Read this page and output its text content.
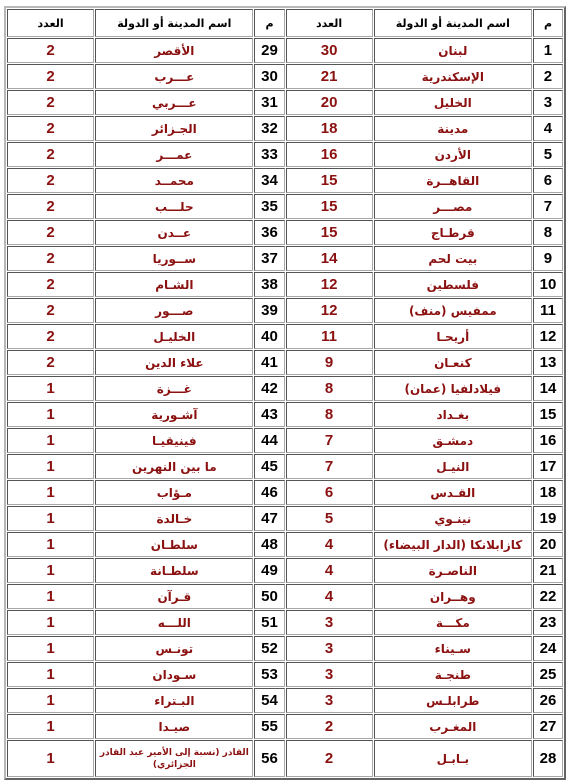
م	اسم المدينة أو الدولة	العدد	م	اسم المدينة أو الدولة	العدد
1	لبنان	30	29	الأقصر	2
2	الإسكندرية	21	30	عـــرب	2
3	الخليل	20	31	عـــربي	2
4	مدينة	18	32	الجـزائر	2
5	الأردن	16	33	عمـــر	2
6	القاهــرة	15	34	محمــد	2
7	مصـــر	15	35	حلـــب	2
8	قرطـاج	15	36	عــدن	2
9	بيت لحم	14	37	ســوريا	2
10	فلسطين	12	38	الشـام	2
11	ممفيس (منف)	12	39	صـــور	2
12	أريحـا	11	40	الخليـل	2
13	كنعـان	9	41	علاء الدين	2
14	فيلادلفيا (عمان)	8	42	غـــزة	1
15	بغـداد	8	43	آشـورية	1
16	دمشـق	7	44	فينيقيـا	1
17	النيـل	7	45	ما بين النهرين	1
18	القـدس	6	46	مـؤاب	1
19	نينـوي	5	47	خـالدة	1
20	كازابلانكا (الدار البيضاء)	4	48	سلطـان	1
21	الناصـرة	4	49	سلطـانة	1
22	وهــران	4	50	قـرآن	1
23	مكـــة	3	51	اللـــه	1
24	سـيناء	3	52	تونـس	1
25	طنجـة	3	53	سـودان	1
26	طرابلـس	3	54	البـتراء	1
27	المغـرب	2	55	صيـدا	1
28	بـابـل	2	56	القادر (نسبة إلى الأمير عبد القادر الجزائري)	1
